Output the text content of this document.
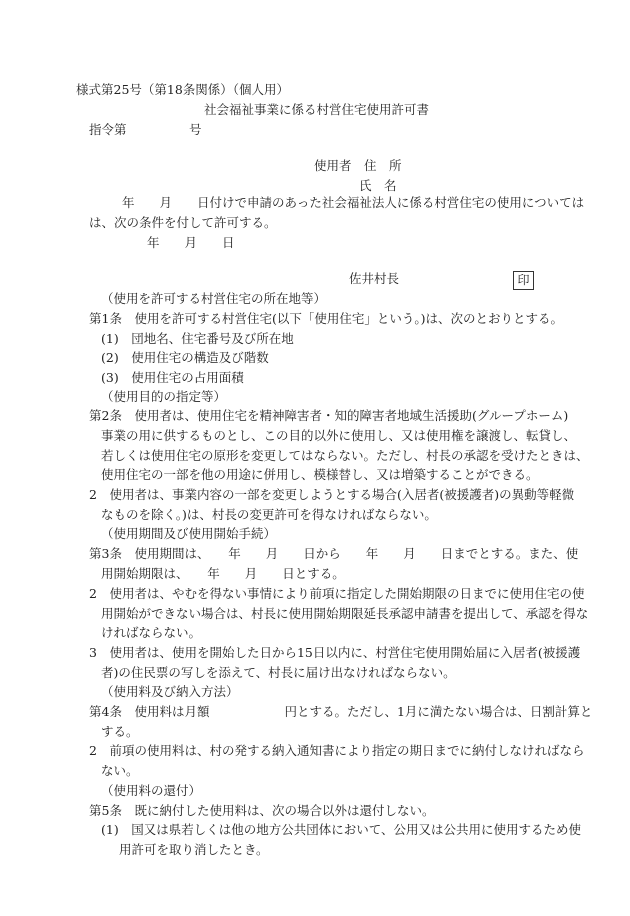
様式第25号（第18条関係）（個人用）
社会福祉事業に係る村営住宅使用許可書
指令第　　　　　号
使用者　住　所
氏　名
年　　月　　日付けで申請のあった社会福祉法人に係る村営住宅の使用については
は、次の条件を付して許可する。
年　　月　　日
佐井村長	印
（使用を許可する村営住宅の所在地等）
第1条　使用を許可する村営住宅(以下「使用住宅」という。)は、次のとおりとする。
(1)　団地名、住宅番号及び所在地
(2)　使用住宅の構造及び階数
(3)　使用住宅の占用面積
（使用目的の指定等）
第2条　使用者は、使用住宅を精神障害者・知的障害者地域生活援助(グループホーム)
事業の用に供するものとし、この目的以外に使用し、又は使用権を譲渡し、転貸し、
若しくは使用住宅の原形を変更してはならない。ただし、村長の承認を受けたときは、
使用住宅の一部を他の用途に併用し、模様替し、又は増築することができる。
2　使用者は、事業内容の一部を変更しようとする場合(入居者(被援護者)の異動等軽微
なものを除く。)は、村長の変更許可を得なければならない。
（使用期間及び使用開始手続）
第3条　使用期間は、　　年　　月　　日から　　年　　月　　日までとする。また、使
用開始期限は、　　年　　月　　日とする。
2　使用者は、やむを得ない事情により前項に指定した開始期限の日までに使用住宅の使
用開始ができない場合は、村長に使用開始期限延長承認申請書を提出して、承認を得な
ければならない。
3　使用者は、使用を開始した日から15日以内に、村営住宅使用開始届に入居者(被援護
者)の住民票の写しを添えて、村長に届け出なければならない。
（使用料及び納入方法）
第4条　使用料は月額　　　　　　円とする。ただし、1月に満たない場合は、日割計算と
する。
2　前項の使用料は、村の発する納入通知書により指定の期日までに納付しなければなら
ない。
（使用料の還付）
第5条　既に納付した使用料は、次の場合以外は還付しない。
(1)　国又は県若しくは他の地方公共団体において、公用又は公共用に使用するため使
用許可を取り消したとき。
